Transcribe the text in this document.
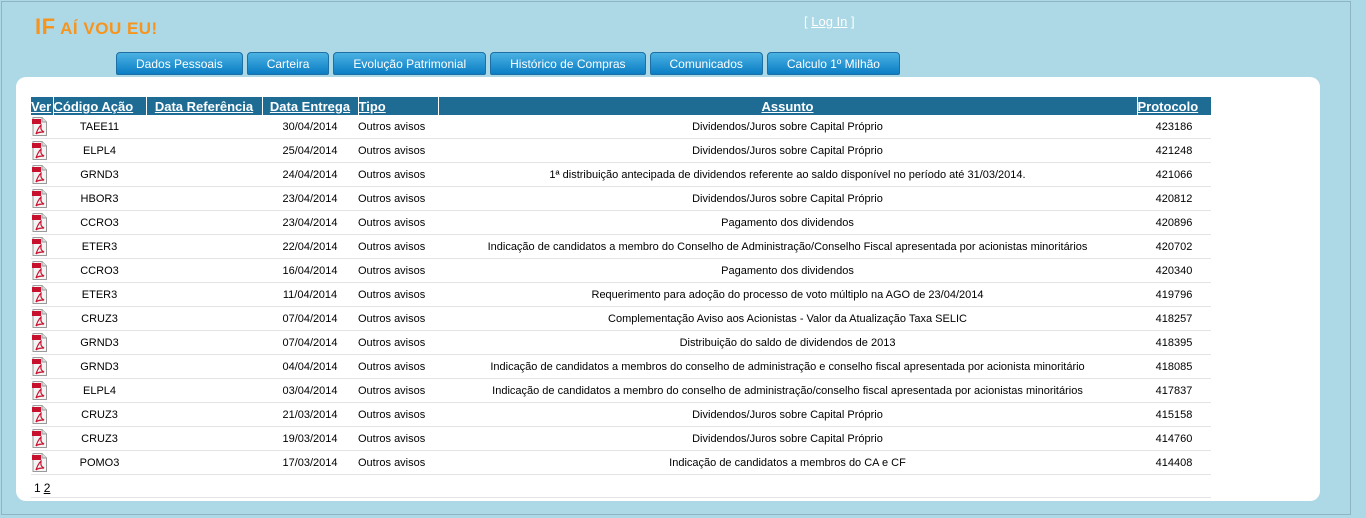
IF AÍ VOU EU!	[ Log In ]
Dados Pessoais	Carteira	Evolução Patrimonial	Histórico de Compras	Comunicados	Calculo 1º Milhão
Ver	Código Ação	Data Referência	Data Entrega	Tipo	Assunto	Protocolo

	TAEE11		30/04/2014	Outros avisos	Dividendos/Juros sobre Capital Próprio	423186

	ELPL4		25/04/2014	Outros avisos	Dividendos/Juros sobre Capital Próprio	421248

	GRND3		24/04/2014	Outros avisos	1ª distribuição antecipada de dividendos referente ao saldo disponível no período até 31/03/2014.	421066

	HBOR3		23/04/2014	Outros avisos	Dividendos/Juros sobre Capital Próprio	420812

	CCRO3		23/04/2014	Outros avisos	Pagamento dos dividendos	420896

	ETER3		22/04/2014	Outros avisos	Indicação de candidatos a membro do Conselho de Administração/Conselho Fiscal apresentada por acionistas minoritários	420702

	CCRO3		16/04/2014	Outros avisos	Pagamento dos dividendos	420340

	ETER3		11/04/2014	Outros avisos	Requerimento para adoção do processo de voto múltiplo na AGO de 23/04/2014	419796

	CRUZ3		07/04/2014	Outros avisos	Complementação Aviso aos Acionistas - Valor da Atualização Taxa SELIC	418257

	GRND3		07/04/2014	Outros avisos	Distribuição do saldo de dividendos de 2013	418395

	GRND3		04/04/2014	Outros avisos	Indicação de candidatos a membros do conselho de administração e conselho fiscal apresentada por acionista minoritário	418085

	ELPL4		03/04/2014	Outros avisos	Indicação de candidatos a membro do conselho de administração/conselho fiscal apresentada por acionistas minoritários	417837

	CRUZ3		21/03/2014	Outros avisos	Dividendos/Juros sobre Capital Próprio	415158

	CRUZ3		19/03/2014	Outros avisos	Dividendos/Juros sobre Capital Próprio	414760

	POMO3		17/03/2014	Outros avisos	Indicação de candidatos a membros do CA e CF	414408
1 2
